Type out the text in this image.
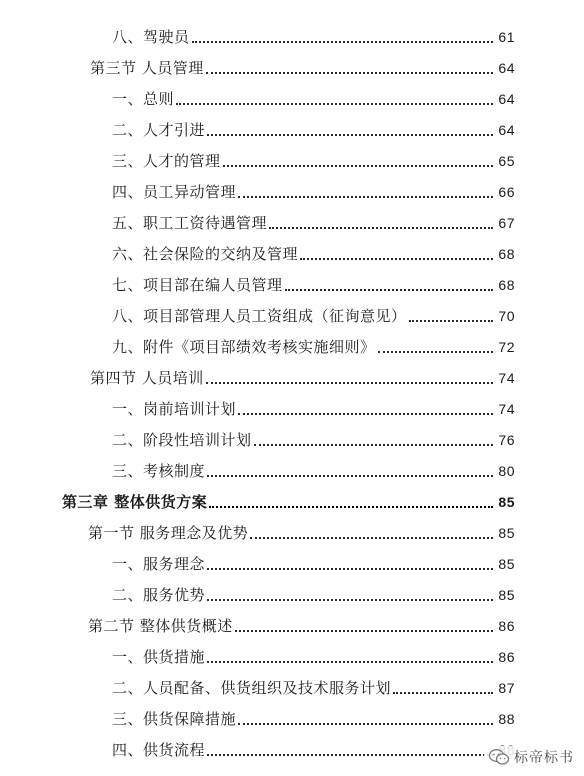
八、驾驶员	61
第三节 人员管理	64
一、总则	64
二、人才引进	64
三、人才的管理	65
四、员工异动管理	66
五、职工工资待遇管理	67
六、社会保险的交纳及管理	68
七、项目部在编人员管理	68
八、项目部管理人员工资组成（征询意见）	70
九、附件《项目部绩效考核实施细则》	72
第四节 人员培训	74
一、岗前培训计划	74
二、阶段性培训计划	76
三、考核制度	80
第三章 整体供货方案	85
第一节 服务理念及优势	85
一、服务理念	85
二、服务优势	85
第二节 整体供货概述	86
一、供货措施	86
二、人员配备、供货组织及技术服务计划	87
三、供货保障措施	88
四、供货流程	标帝标书
